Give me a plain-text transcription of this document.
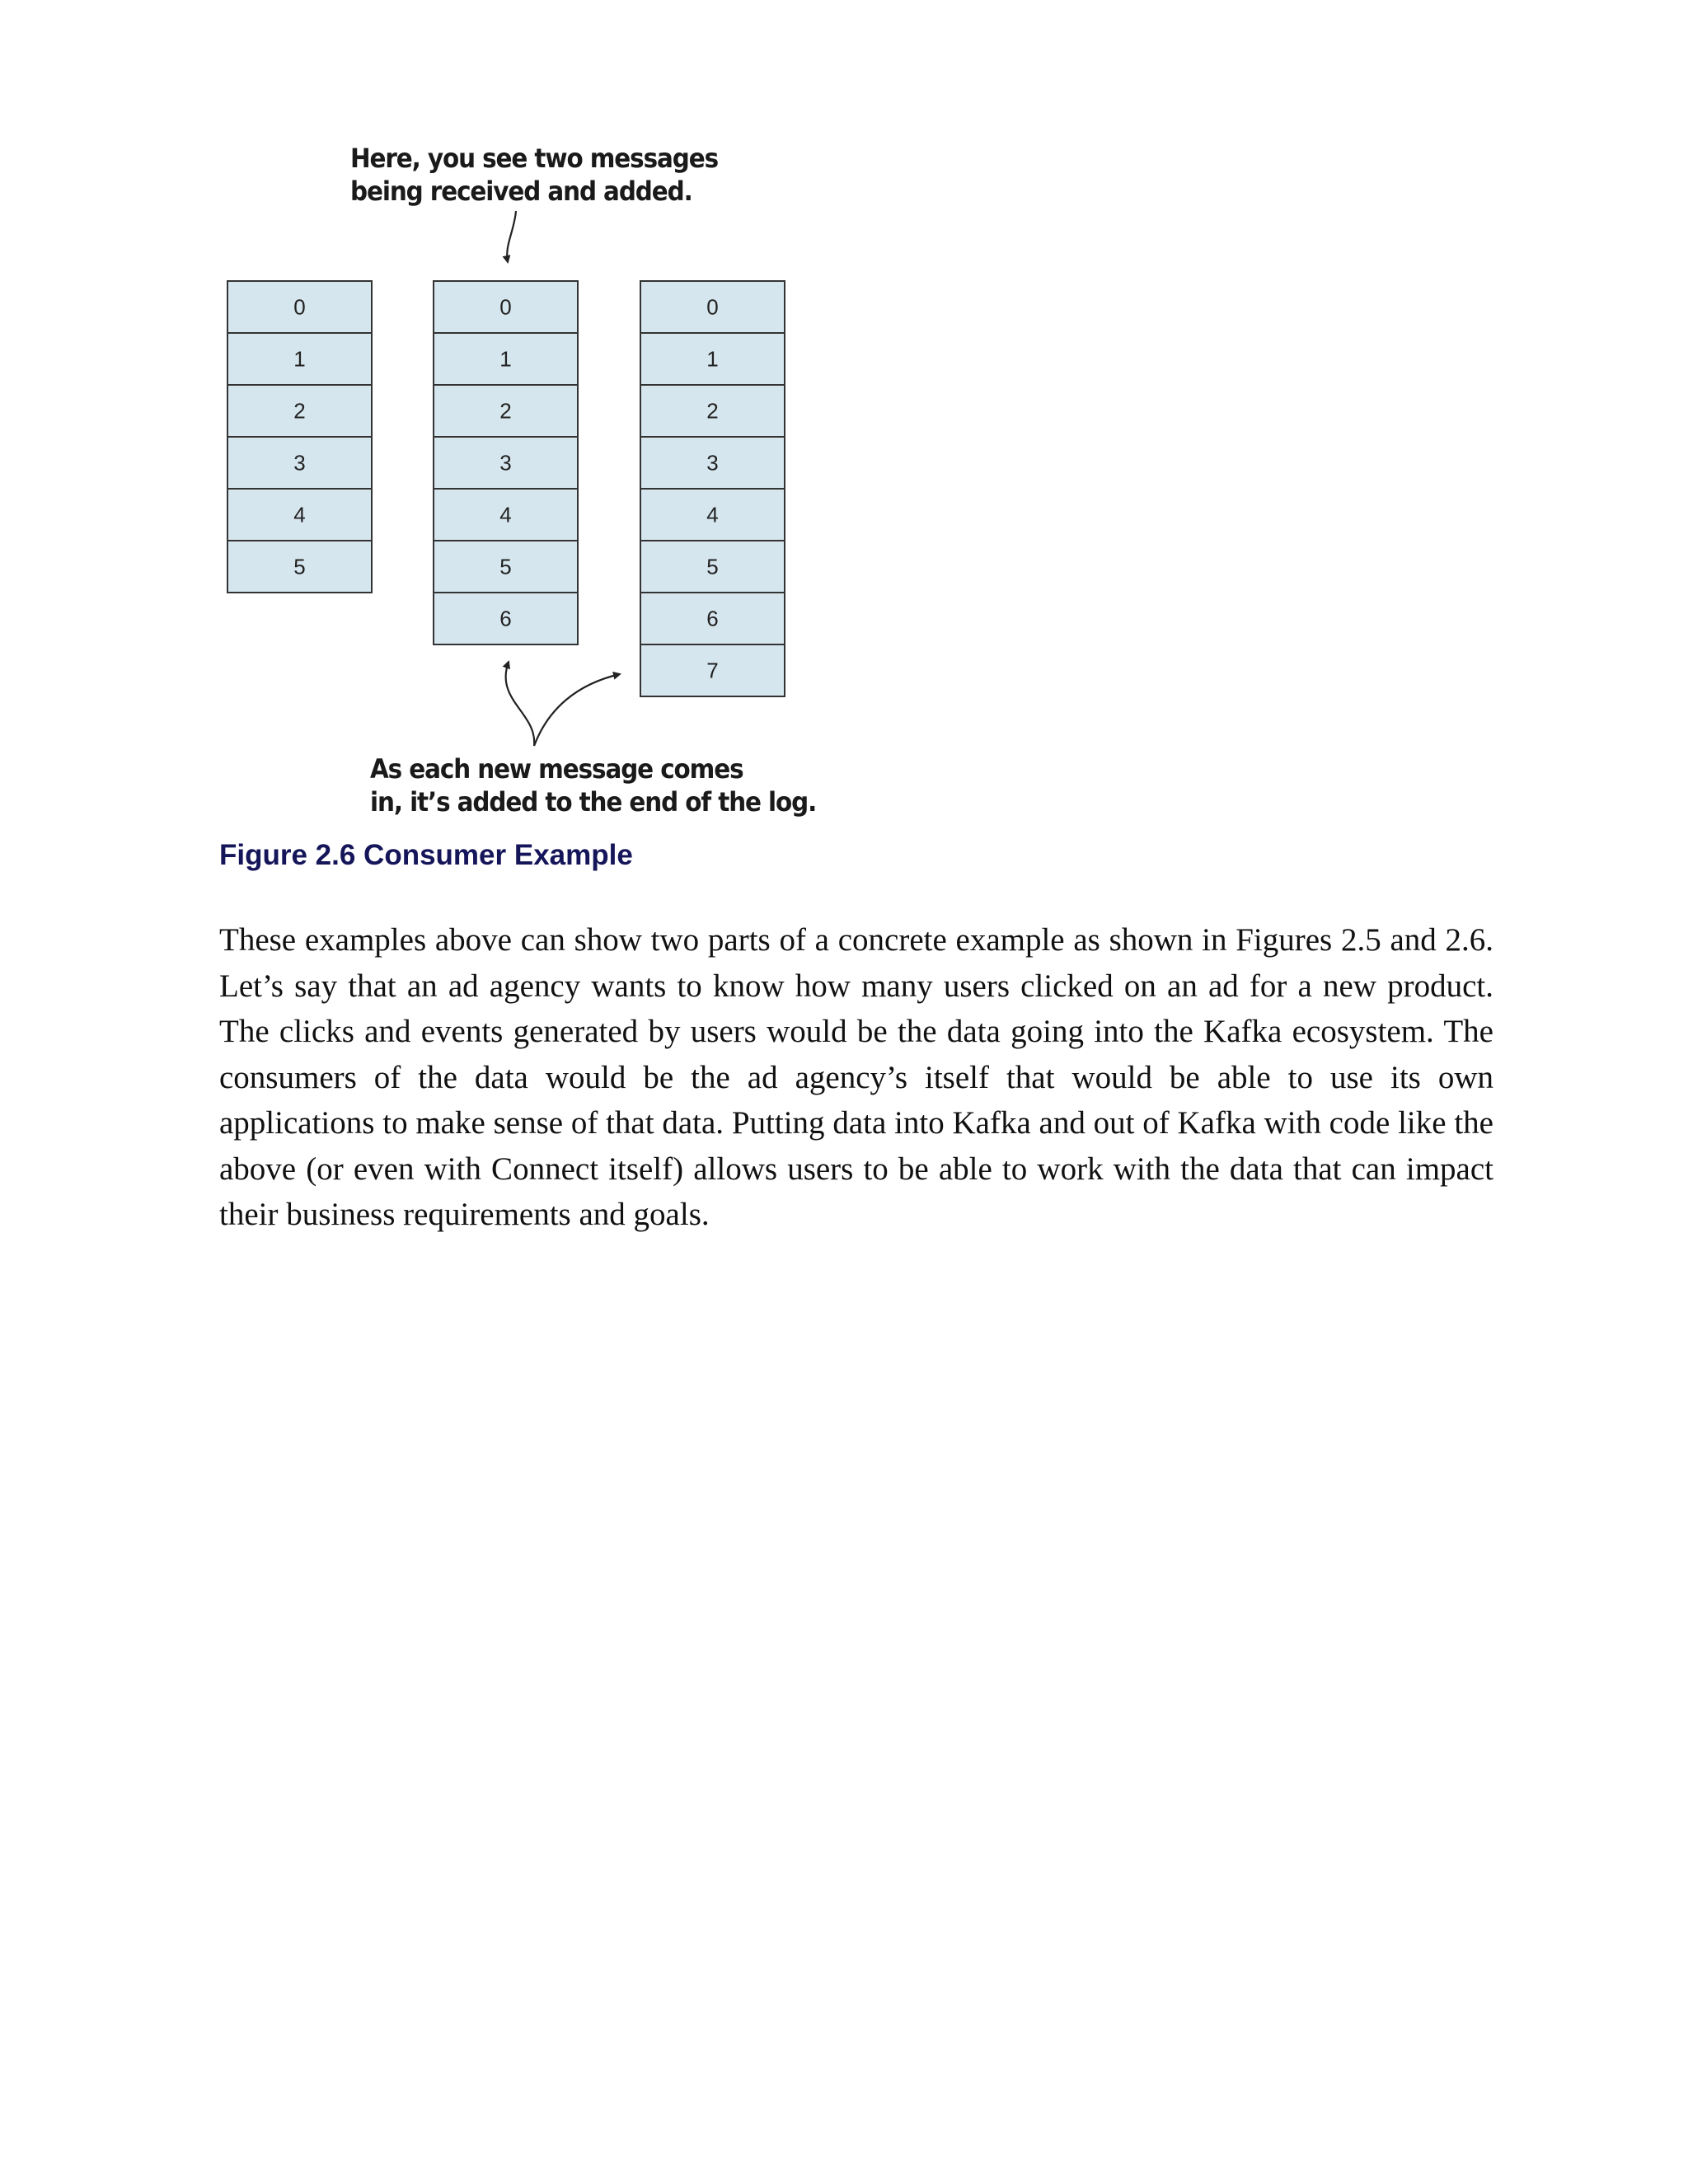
Here, you see two messages
being received and added.
0
1
2
3
4
5
0
1
2
3
4
5
6
0
1
2
3
4
5
6
7
As each new message comes
in, it’s added to the end of the log.
Figure 2.6 Consumer Example

These examples above can show two parts of a concrete example as shown in Figures 2.5 and 2.6. Let’s say that an ad agency wants to know how many users clicked on an ad for a new product. The clicks and events generated by users would be the data going into the Kafka ecosystem. The consumers of the data would be the ad agency’s itself that would be able to use its own applications to make sense of that data. Putting data into Kafka and out of Kafka with code like the above (or even with Connect itself) allows users to be able to work with the data that can impact their business requirements and goals.
